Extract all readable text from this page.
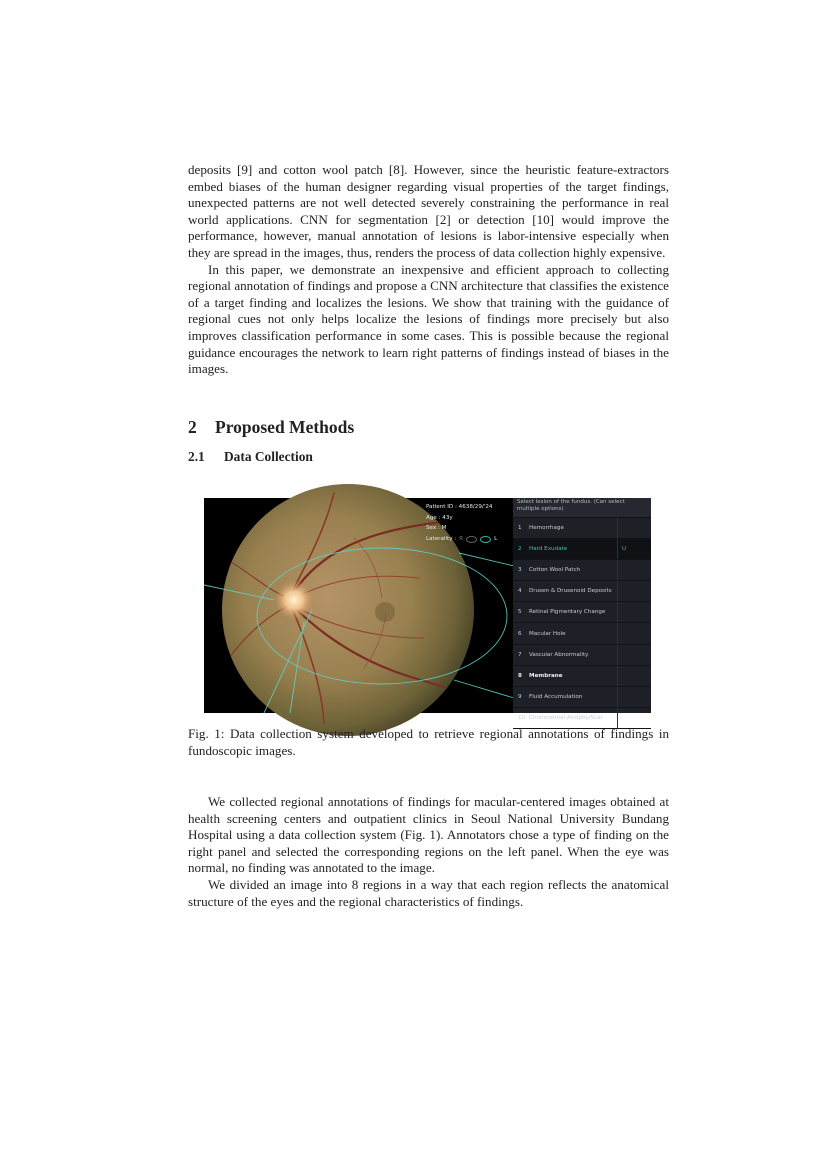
deposits [9] and cotton wool patch [8]. However, since the heuristic feature-extractors embed biases of the human designer regarding visual properties of the target findings, unexpected patterns are not well detected severely constraining the performance in real world applications. CNN for segmentation [2] or detection [10] would improve the performance, however, manual annotation of lesions is labor-intensive especially when they are spread in the images, thus, renders the process of data collection highly expensive.

In this paper, we demonstrate an inexpensive and efficient approach to collecting regional annotation of findings and propose a CNN architecture that classifies the existence of a target finding and localizes the lesions. We show that training with the guidance of regional cues not only helps localize the lesions of findings more precisely but also improves classification performance in some cases. This is possible because the regional guidance encourages the network to learn right patterns of findings instead of biases in the images.

2 Proposed Methods
2.1 Data Collection
Patient ID : 4638/29/'24
Age : 43y
Sex : M
Laterality : R	L
Select lesion of the fundus. (Can select multiple options)
1	Hemorrhage
2	Hard Exudate	U
3	Cotton Wool Patch
4	Drusen & Drusenoid Deposits
5	Retinal Pigmentary Change
6	Macular Hole
7	Vascular Abnormality
8	Membrane
9	Fluid Accumulation
10 Chorioretinal Atrophy/Scar

Fig. 1: Data collection system developed to retrieve regional annotations of findings in fundoscopic images.

We collected regional annotations of findings for macular-centered images obtained at health screening centers and outpatient clinics in Seoul National University Bundang Hospital using a data collection system (Fig. 1). Annotators chose a type of finding on the right panel and selected the corresponding regions on the left panel. When the eye was normal, no finding was annotated to the image.

We divided an image into 8 regions in a way that each region reflects the anatomical structure of the eyes and the regional characteristics of findings.
